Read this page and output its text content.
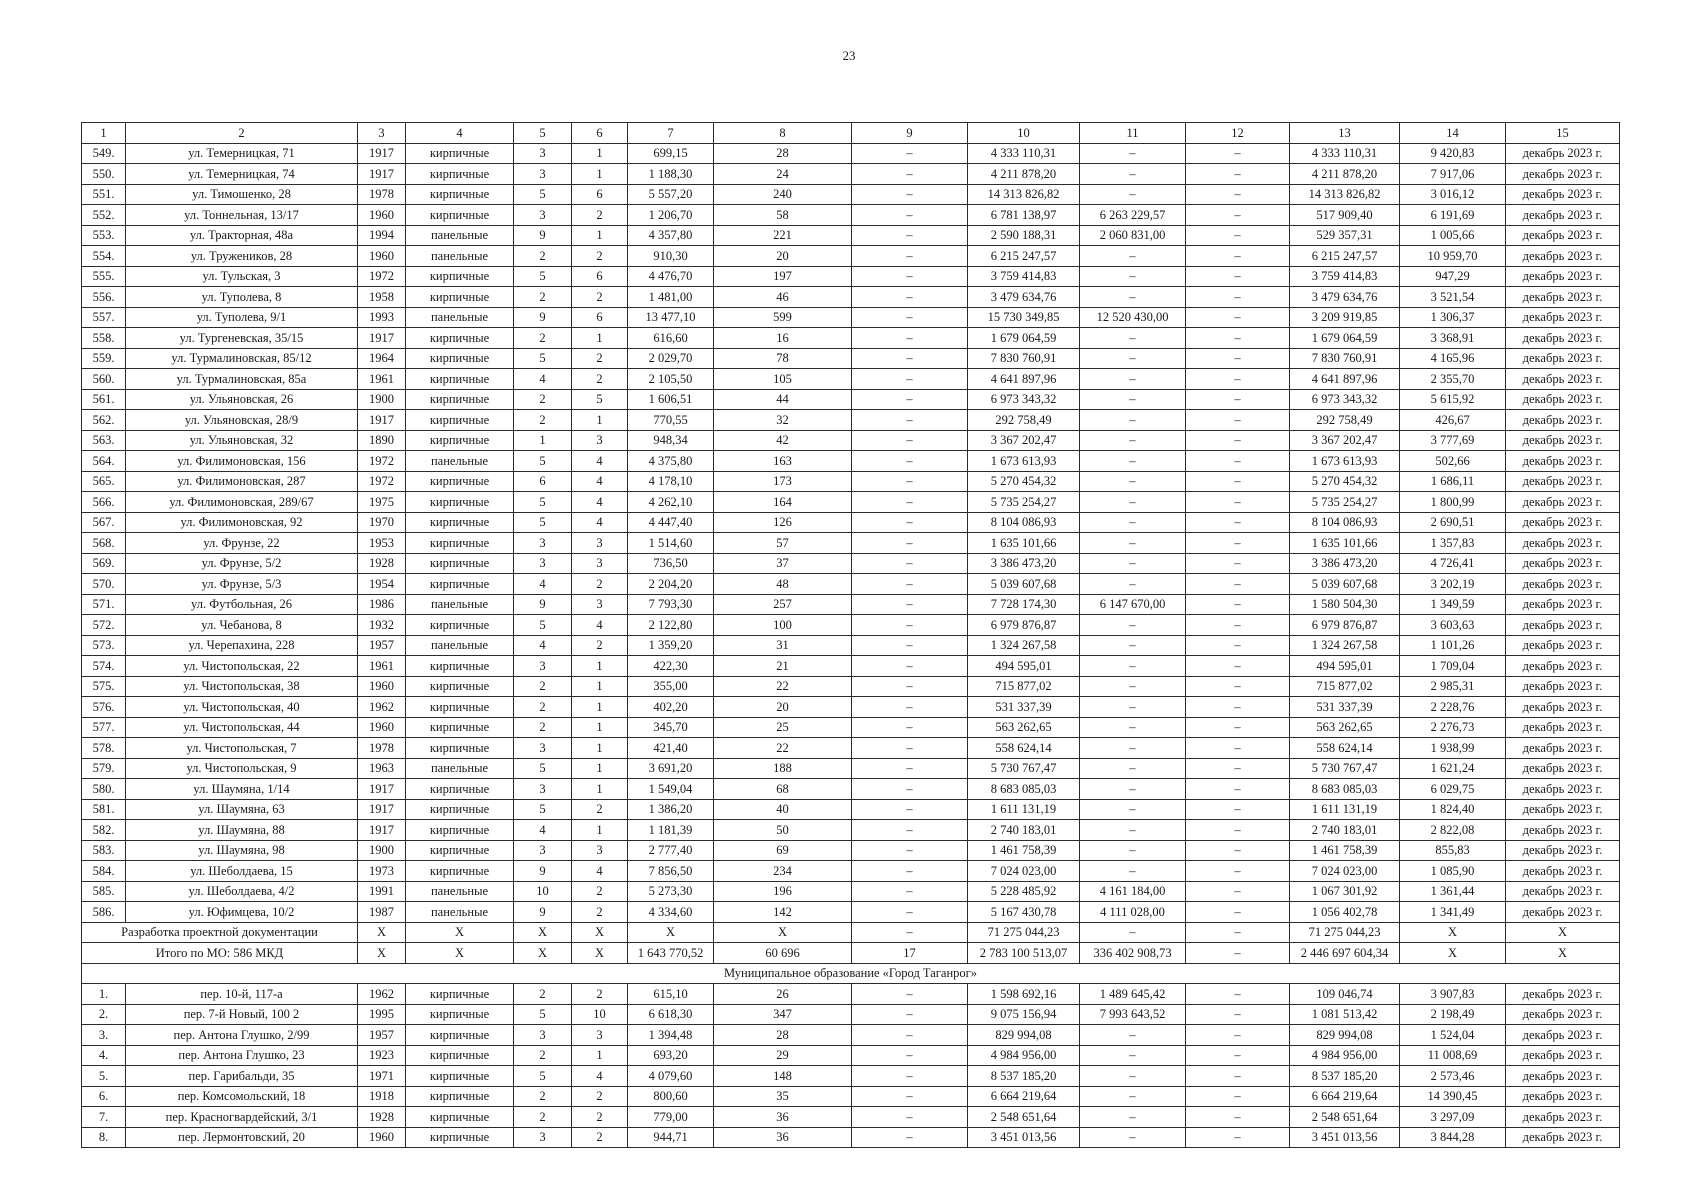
23
1	2	3	4	5	6	7	8	9	10	11	12	13	14	15
549.	ул. Темерницкая, 71	1917	кирпичные	3	1	699,15	28	–	4 333 110,31	–	–	4 333 110,31	9 420,83	декабрь 2023 г.
550.	ул. Темерницкая, 74	1917	кирпичные	3	1	1 188,30	24	–	4 211 878,20	–	–	4 211 878,20	7 917,06	декабрь 2023 г.
551.	ул. Тимошенко, 28	1978	кирпичные	5	6	5 557,20	240	–	14 313 826,82	–	–	14 313 826,82	3 016,12	декабрь 2023 г.
552.	ул. Тоннельная, 13/17	1960	кирпичные	3	2	1 206,70	58	–	6 781 138,97	6 263 229,57	–	517 909,40	6 191,69	декабрь 2023 г.
553.	ул. Тракторная, 48а	1994	панельные	9	1	4 357,80	221	–	2 590 188,31	2 060 831,00	–	529 357,31	1 005,66	декабрь 2023 г.
554.	ул. Тружеников, 28	1960	панельные	2	2	910,30	20	–	6 215 247,57	–	–	6 215 247,57	10 959,70	декабрь 2023 г.
555.	ул. Тульская, 3	1972	кирпичные	5	6	4 476,70	197	–	3 759 414,83	–	–	3 759 414,83	947,29	декабрь 2023 г.
556.	ул. Туполева, 8	1958	кирпичные	2	2	1 481,00	46	–	3 479 634,76	–	–	3 479 634,76	3 521,54	декабрь 2023 г.
557.	ул. Туполева, 9/1	1993	панельные	9	6	13 477,10	599	–	15 730 349,85	12 520 430,00	–	3 209 919,85	1 306,37	декабрь 2023 г.
558.	ул. Тургеневская, 35/15	1917	кирпичные	2	1	616,60	16	–	1 679 064,59	–	–	1 679 064,59	3 368,91	декабрь 2023 г.
559.	ул. Турмалиновская, 85/12	1964	кирпичные	5	2	2 029,70	78	–	7 830 760,91	–	–	7 830 760,91	4 165,96	декабрь 2023 г.
560.	ул. Турмалиновская, 85а	1961	кирпичные	4	2	2 105,50	105	–	4 641 897,96	–	–	4 641 897,96	2 355,70	декабрь 2023 г.
561.	ул. Ульяновская, 26	1900	кирпичные	2	5	1 606,51	44	–	6 973 343,32	–	–	6 973 343,32	5 615,92	декабрь 2023 г.
562.	ул. Ульяновская, 28/9	1917	кирпичные	2	1	770,55	32	–	292 758,49	–	–	292 758,49	426,67	декабрь 2023 г.
563.	ул. Ульяновская, 32	1890	кирпичные	1	3	948,34	42	–	3 367 202,47	–	–	3 367 202,47	3 777,69	декабрь 2023 г.
564.	ул. Филимоновская, 156	1972	панельные	5	4	4 375,80	163	–	1 673 613,93	–	–	1 673 613,93	502,66	декабрь 2023 г.
565.	ул. Филимоновская, 287	1972	кирпичные	6	4	4 178,10	173	–	5 270 454,32	–	–	5 270 454,32	1 686,11	декабрь 2023 г.
566.	ул. Филимоновская, 289/67	1975	кирпичные	5	4	4 262,10	164	–	5 735 254,27	–	–	5 735 254,27	1 800,99	декабрь 2023 г.
567.	ул. Филимоновская, 92	1970	кирпичные	5	4	4 447,40	126	–	8 104 086,93	–	–	8 104 086,93	2 690,51	декабрь 2023 г.
568.	ул. Фрунзе, 22	1953	кирпичные	3	3	1 514,60	57	–	1 635 101,66	–	–	1 635 101,66	1 357,83	декабрь 2023 г.
569.	ул. Фрунзе, 5/2	1928	кирпичные	3	3	736,50	37	–	3 386 473,20	–	–	3 386 473,20	4 726,41	декабрь 2023 г.
570.	ул. Фрунзе, 5/3	1954	кирпичные	4	2	2 204,20	48	–	5 039 607,68	–	–	5 039 607,68	3 202,19	декабрь 2023 г.
571.	ул. Футбольная, 26	1986	панельные	9	3	7 793,30	257	–	7 728 174,30	6 147 670,00	–	1 580 504,30	1 349,59	декабрь 2023 г.
572.	ул. Чебанова, 8	1932	кирпичные	5	4	2 122,80	100	–	6 979 876,87	–	–	6 979 876,87	3 603,63	декабрь 2023 г.
573.	ул. Черепахина, 228	1957	панельные	4	2	1 359,20	31	–	1 324 267,58	–	–	1 324 267,58	1 101,26	декабрь 2023 г.
574.	ул. Чистопольская, 22	1961	кирпичные	3	1	422,30	21	–	494 595,01	–	–	494 595,01	1 709,04	декабрь 2023 г.
575.	ул. Чистопольская, 38	1960	кирпичные	2	1	355,00	22	–	715 877,02	–	–	715 877,02	2 985,31	декабрь 2023 г.
576.	ул. Чистопольская, 40	1962	кирпичные	2	1	402,20	20	–	531 337,39	–	–	531 337,39	2 228,76	декабрь 2023 г.
577.	ул. Чистопольская, 44	1960	кирпичные	2	1	345,70	25	–	563 262,65	–	–	563 262,65	2 276,73	декабрь 2023 г.
578.	ул. Чистопольская, 7	1978	кирпичные	3	1	421,40	22	–	558 624,14	–	–	558 624,14	1 938,99	декабрь 2023 г.
579.	ул. Чистопольская, 9	1963	панельные	5	1	3 691,20	188	–	5 730 767,47	–	–	5 730 767,47	1 621,24	декабрь 2023 г.
580.	ул. Шаумяна, 1/14	1917	кирпичные	3	1	1 549,04	68	–	8 683 085,03	–	–	8 683 085,03	6 029,75	декабрь 2023 г.
581.	ул. Шаумяна, 63	1917	кирпичные	5	2	1 386,20	40	–	1 611 131,19	–	–	1 611 131,19	1 824,40	декабрь 2023 г.
582.	ул. Шаумяна, 88	1917	кирпичные	4	1	1 181,39	50	–	2 740 183,01	–	–	2 740 183,01	2 822,08	декабрь 2023 г.
583.	ул. Шаумяна, 98	1900	кирпичные	3	3	2 777,40	69	–	1 461 758,39	–	–	1 461 758,39	855,83	декабрь 2023 г.
584.	ул. Шеболдаева, 15	1973	кирпичные	9	4	7 856,50	234	–	7 024 023,00	–	–	7 024 023,00	1 085,90	декабрь 2023 г.
585.	ул. Шеболдаева, 4/2	1991	панельные	10	2	5 273,30	196	–	5 228 485,92	4 161 184,00	–	1 067 301,92	1 361,44	декабрь 2023 г.
586.	ул. Юфимцева, 10/2	1987	панельные	9	2	4 334,60	142	–	5 167 430,78	4 111 028,00	–	1 056 402,78	1 341,49	декабрь 2023 г.
Разработка проектной документации		X	X	X	X	X	X	–	71 275 044,23	–	–	71 275 044,23	X	X
Итого по МО: 586 МКД		X	X	X	X	1 643 770,52	60 696	17	2 783 100 513,07	336 402 908,73	–	2 446 697 604,34	X	X
Муниципальное образование «Город Таганрог»														
1.	пер. 10-й, 117-а	1962	кирпичные	2	2	615,10	26	–	1 598 692,16	1 489 645,42	–	109 046,74	3 907,83	декабрь 2023 г.
2.	пер. 7-й Новый, 100 2	1995	кирпичные	5	10	6 618,30	347	–	9 075 156,94	7 993 643,52	–	1 081 513,42	2 198,49	декабрь 2023 г.
3.	пер. Антона Глушко, 2/99	1957	кирпичные	3	3	1 394,48	28	–	829 994,08	–	–	829 994,08	1 524,04	декабрь 2023 г.
4.	пер. Антона Глушко, 23	1923	кирпичные	2	1	693,20	29	–	4 984 956,00	–	–	4 984 956,00	11 008,69	декабрь 2023 г.
5.	пер. Гарибальди, 35	1971	кирпичные	5	4	4 079,60	148	–	8 537 185,20	–	–	8 537 185,20	2 573,46	декабрь 2023 г.
6.	пер. Комсомольский, 18	1918	кирпичные	2	2	800,60	35	–	6 664 219,64	–	–	6 664 219,64	14 390,45	декабрь 2023 г.
7.	пер. Красногвардейский, 3/1	1928	кирпичные	2	2	779,00	36	–	2 548 651,64	–	–	2 548 651,64	3 297,09	декабрь 2023 г.
8.	пер. Лермонтовский, 20	1960	кирпичные	3	2	944,71	36	–	3 451 013,56	–	–	3 451 013,56	3 844,28	декабрь 2023 г.
